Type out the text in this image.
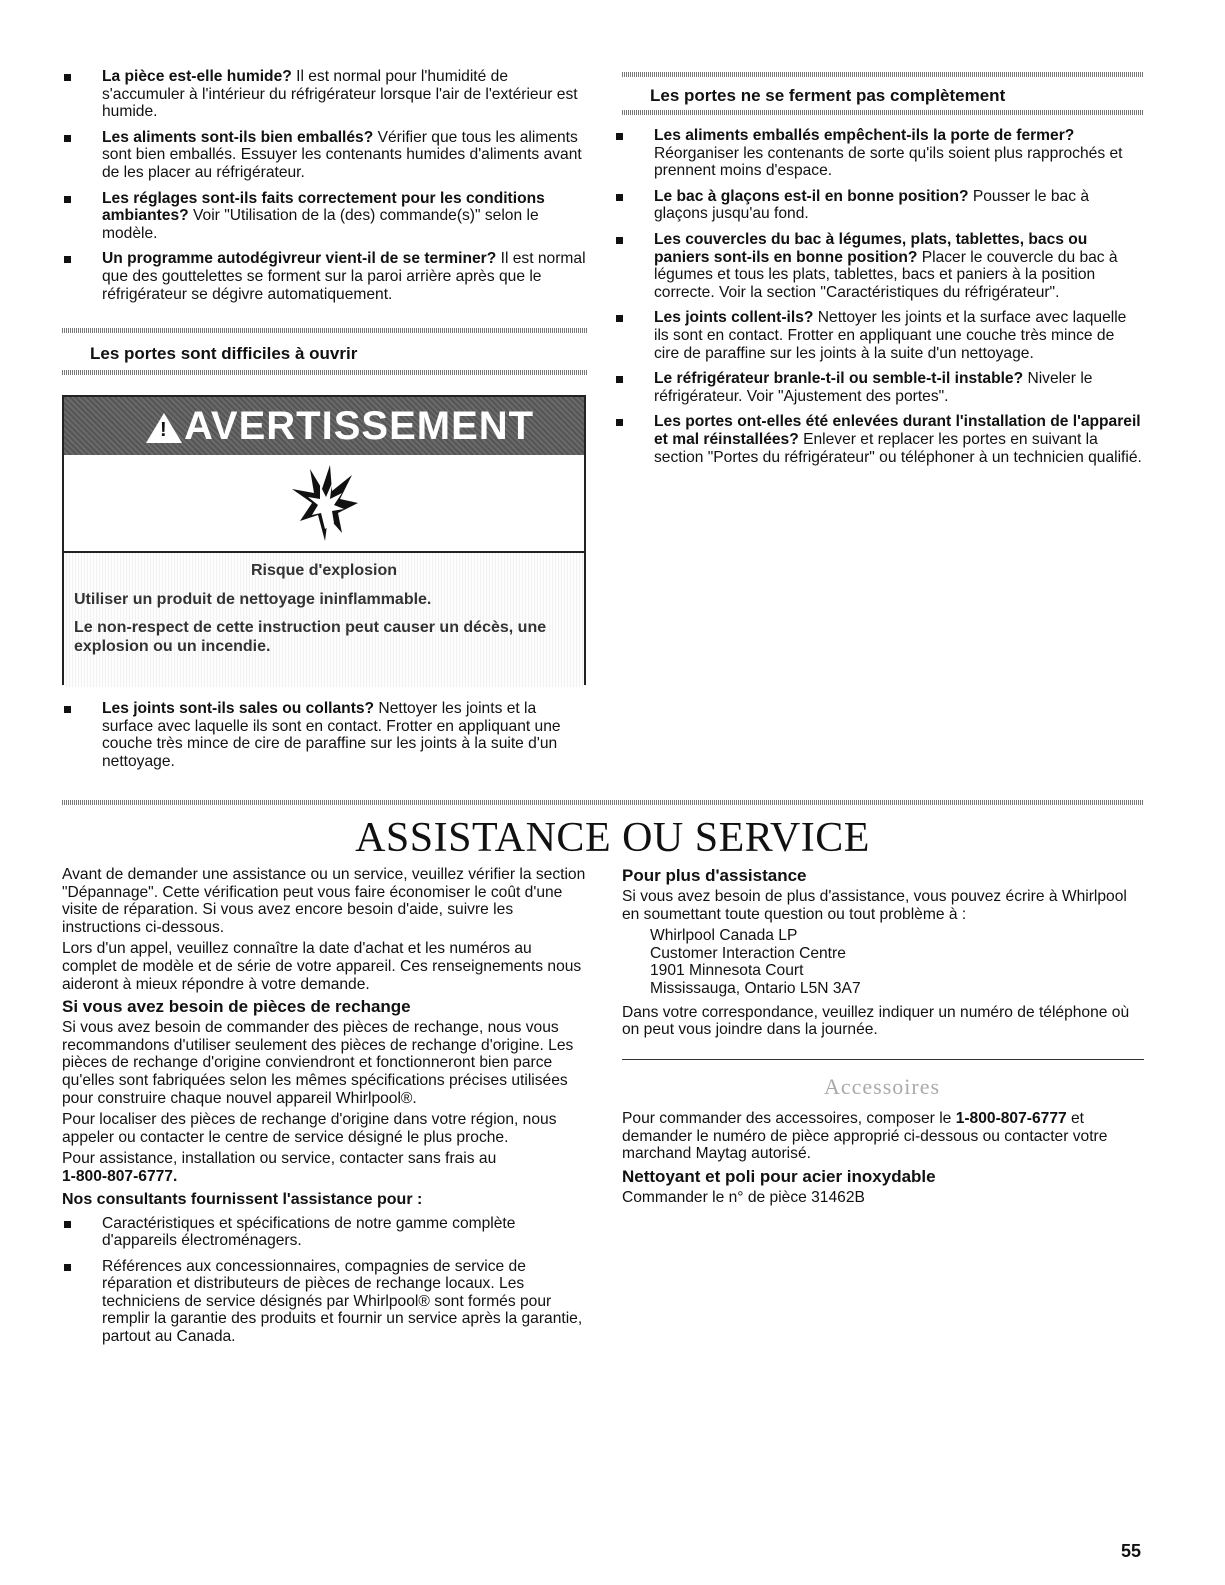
La pièce est-elle humide? Il est normal pour l'humidité de s'accumuler à l'intérieur du réfrigérateur lorsque l'air de l'extérieur est humide.
Les aliments sont-ils bien emballés? Vérifier que tous les aliments sont bien emballés. Essuyer les contenants humides d'aliments avant de les placer au réfrigérateur.
Les réglages sont-ils faits correctement pour les conditions ambiantes? Voir "Utilisation de la (des) commande(s)" selon le modèle.
Un programme autodégivreur vient-il de se terminer? Il est normal que des gouttelettes se forment sur la paroi arrière après que le réfrigérateur se dégivre automatiquement.
Les portes sont difficiles à ouvrir
! AVERTISSEMENT

Risque d'explosion

Utiliser un produit de nettoyage ininflammable.

Le non-respect de cette instruction peut causer un décès, une explosion ou un incendie.

Les joints sont-ils sales ou collants? Nettoyer les joints et la surface avec laquelle ils sont en contact. Frotter en appliquant une couche très mince de cire de paraffine sur les joints à la suite d'un nettoyage.
Les portes ne se ferment pas complètement
Les aliments emballés empêchent-ils la porte de fermer? Réorganiser les contenants de sorte qu'ils soient plus rapprochés et prennent moins d'espace.
Le bac à glaçons est-il en bonne position? Pousser le bac à glaçons jusqu'au fond.
Les couvercles du bac à légumes, plats, tablettes, bacs ou paniers sont-ils en bonne position? Placer le couvercle du bac à légumes et tous les plats, tablettes, bacs et paniers à la position correcte. Voir la section "Caractéristiques du réfrigérateur".
Les joints collent-ils? Nettoyer les joints et la surface avec laquelle ils sont en contact. Frotter en appliquant une couche très mince de cire de paraffine sur les joints à la suite d'un nettoyage.
Le réfrigérateur branle-t-il ou semble-t-il instable? Niveler le réfrigérateur. Voir "Ajustement des portes".
Les portes ont-elles été enlevées durant l'installation de l'appareil et mal réinstallées? Enlever et replacer les portes en suivant la section "Portes du réfrigérateur" ou téléphoner à un technicien qualifié.
ASSISTANCE OU SERVICE

Avant de demander une assistance ou un service, veuillez vérifier la section "Dépannage". Cette vérification peut vous faire économiser le coût d'une visite de réparation. Si vous avez encore besoin d'aide, suivre les instructions ci-dessous.

Lors d'un appel, veuillez connaître la date d'achat et les numéros au complet de modèle et de série de votre appareil. Ces renseignements nous aideront à mieux répondre à votre demande.

Si vous avez besoin de pièces de rechange

Si vous avez besoin de commander des pièces de rechange, nous vous recommandons d'utiliser seulement des pièces de rechange d'origine. Les pièces de rechange d'origine conviendront et fonctionneront bien parce qu'elles sont fabriquées selon les mêmes spécifications précises utilisées pour construire chaque nouvel appareil Whirlpool®.

Pour localiser des pièces de rechange d'origine dans votre région, nous appeler ou contacter le centre de service désigné le plus proche.

Pour assistance, installation ou service, contacter sans frais au
1-800-807-6777.

Nos consultants fournissent l'assistance pour :
Caractéristiques et spécifications de notre gamme complète d'appareils électroménagers.
Références aux concessionnaires, compagnies de service de réparation et distributeurs de pièces de rechange locaux. Les techniciens de service désignés par Whirlpool® sont formés pour remplir la garantie des produits et fournir un service après la garantie, partout au Canada.
Pour plus d'assistance

Si vous avez besoin de plus d'assistance, vous pouvez écrire à Whirlpool en soumettant toute question ou tout problème à :

Whirlpool Canada LP
Customer Interaction Centre
1901 Minnesota Court
Mississauga, Ontario L5N 3A7

Dans votre correspondance, veuillez indiquer un numéro de téléphone où on peut vous joindre dans la journée.

Accessoires

Pour commander des accessoires, composer le 1-800-807-6777 et demander le numéro de pièce approprié ci-dessous ou contacter votre marchand Maytag autorisé.

Nettoyant et poli pour acier inoxydable

Commander le n° de pièce 31462B

55
